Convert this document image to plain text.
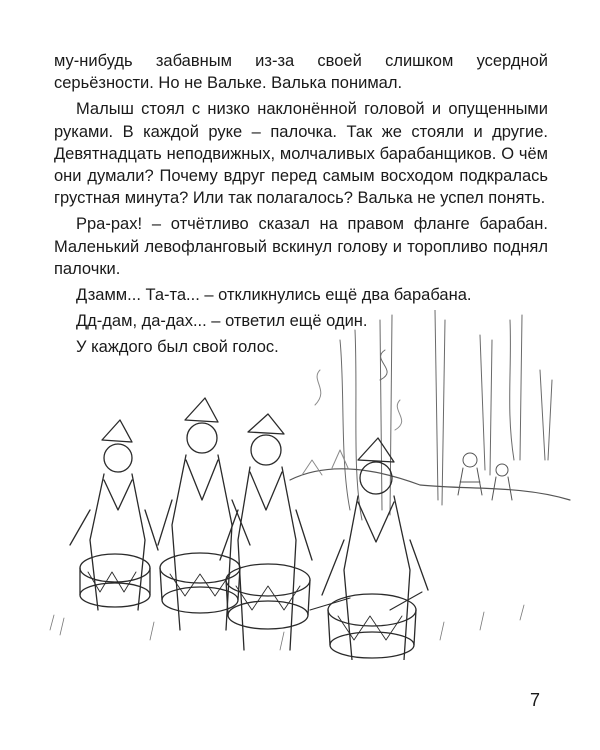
му-нибудь забавным из-за своей слишком усердной серьёзности. Но не Вальке. Валька понимал.

Малыш стоял с низко наклонённой головой и опущенными руками. В каждой руке – палочка. Так же стояли и другие. Девятнадцать неподвижных, молчаливых барабанщиков. О чём они думали? Почему вдруг перед самым восходом подкралась грустная минута? Или так полагалось? Валька не успел понять.

Рра-рах! – отчётливо сказал на правом фланге барабан. Маленький левофланговый вскинул голову и торопливо поднял палочки.

Дзамм... Та-та... – откликнулись ещё два барабана.

Дд-дам, да-дах... – ответил ещё один.

У каждого был свой голос.

7
